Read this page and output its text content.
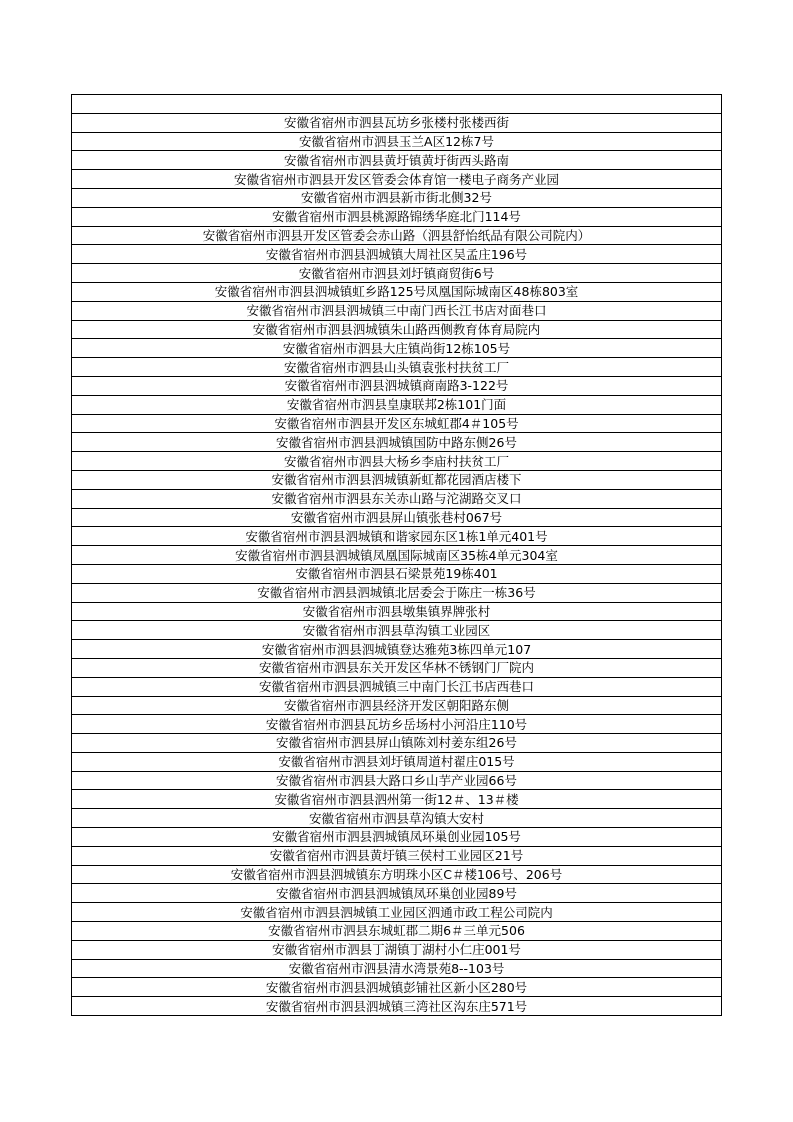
安徽省宿州市泗县瓦坊乡张楼村张楼西街
安徽省宿州市泗县玉兰A区12栋7号
安徽省宿州市泗县黄圩镇黄圩街西头路南
安徽省宿州市泗县开发区管委会体育馆一楼电子商务产业园
安徽省宿州市泗县新市街北侧32号
安徽省宿州市泗县桃源路锦绣华庭北门114号
安徽省宿州市泗县开发区管委会赤山路（泗县舒怡纸品有限公司院内）
安徽省宿州市泗县泗城镇大周社区吴孟庄196号
安徽省宿州市泗县刘圩镇商贸街6号
安徽省宿州市泗县泗城镇虹乡路125号凤凰国际城南区48栋803室
安徽省宿州市泗县泗城镇三中南门西长江书店对面巷口
安徽省宿州市泗县泗城镇朱山路西侧教育体育局院内
安徽省宿州市泗县大庄镇尚街12栋105号
安徽省宿州市泗县山头镇袁张村扶贫工厂
安徽省宿州市泗县泗城镇商南路3-122号
安徽省宿州市泗县皇康联邦2栋101门面
安徽省宿州市泗县开发区东城虹郡4＃105号
安徽省宿州市泗县泗城镇国防中路东侧26号
安徽省宿州市泗县大杨乡李庙村扶贫工厂
安徽省宿州市泗县泗城镇新虹都花园酒店楼下
安徽省宿州市泗县东关赤山路与沱湖路交叉口
安徽省宿州市泗县屏山镇张巷村067号
安徽省宿州市泗县泗城镇和谐家园东区1栋1单元401号
安徽省宿州市泗县泗城镇凤凰国际城南区35栋4单元304室
安徽省宿州市泗县石梁景苑19栋401
安徽省宿州市泗县泗城镇北居委会于陈庄一栋36号
安徽省宿州市泗县墩集镇界牌张村
安徽省宿州市泗县草沟镇工业园区
安徽省宿州市泗县泗城镇登达雅苑3栋四单元107
安徽省宿州市泗县东关开发区华林不锈钢门厂院内
安徽省宿州市泗县泗城镇三中南门长江书店西巷口
安徽省宿州市泗县经济开发区朝阳路东侧
安徽省宿州市泗县瓦坊乡岳场村小河沿庄110号
安徽省宿州市泗县屏山镇陈刘村姜东组26号
安徽省宿州市泗县刘圩镇周道村翟庄015号
安徽省宿州市泗县大路口乡山芋产业园66号
安徽省宿州市泗县泗州第一街12＃、13＃楼
安徽省宿州市泗县草沟镇大安村
安徽省宿州市泗县泗城镇凤环巢创业园105号
安徽省宿州市泗县黄圩镇三侯村工业园区21号
安徽省宿州市泗县泗城镇东方明珠小区C＃楼106号、206号
安徽省宿州市泗县泗城镇凤环巢创业园89号
安徽省宿州市泗县泗城镇工业园区泗通市政工程公司院内
安徽省宿州市泗县东城虹郡二期6＃三单元506
安徽省宿州市泗县丁湖镇丁湖村小仁庄001号
安徽省宿州市泗县清水湾景苑8--103号
安徽省宿州市泗县泗城镇彭铺社区新小区280号
安徽省宿州市泗县泗城镇三湾社区沟东庄571号
